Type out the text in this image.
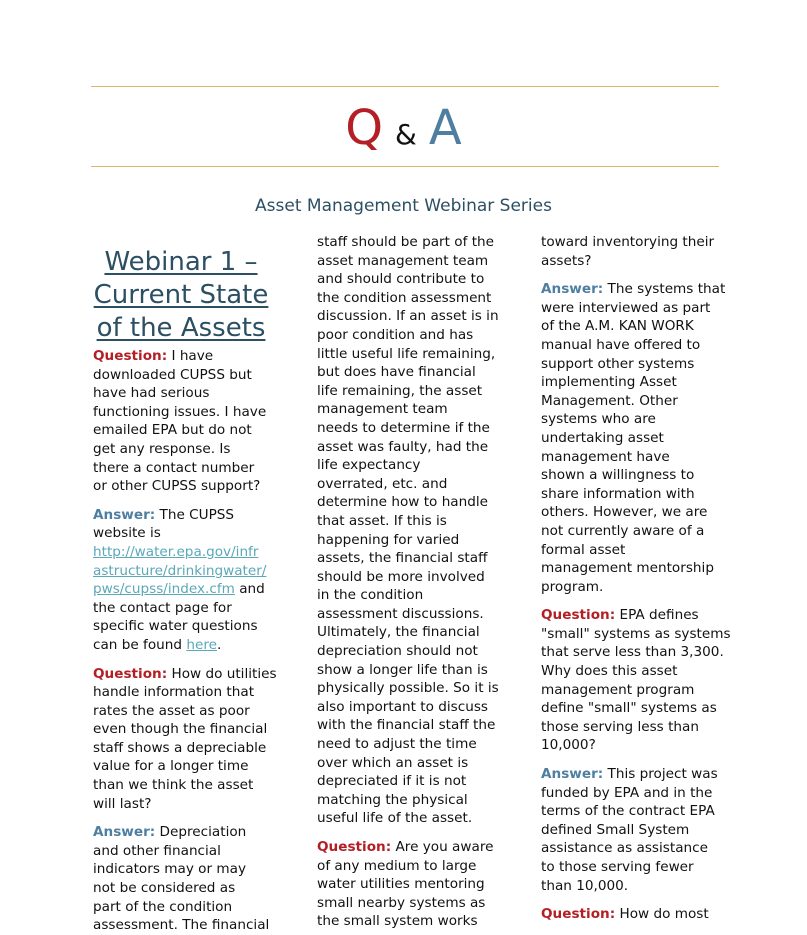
Q & A
Asset Management Webinar Series
Webinar 1 –
Current State
of the Assets
Question: I have
downloaded CUPSS but
have had serious
functioning issues. I have
emailed EPA but do not
get any response. Is
there a contact number
or other CUPSS support?
Answer: The CUPSS
website is
http://water.epa.gov/infr
astructure/drinkingwater/
pws/cupss/index.cfm and
the contact page for
specific water questions
can be found here.
Question: How do utilities
handle information that
rates the asset as poor
even though the financial
staff shows a depreciable
value for a longer time
than we think the asset
will last?
Answer: Depreciation
and other financial
indicators may or may
not be considered as
part of the condition
assessment. The financial
staff should be part of the
asset management team
and should contribute to
the condition assessment
discussion. If an asset is in
poor condition and has
little useful life remaining,
but does have financial
life remaining, the asset
management team
needs to determine if the
asset was faulty, had the
life expectancy
overrated, etc. and
determine how to handle
that asset. If this is
happening for varied
assets, the financial staff
should be more involved
in the condition
assessment discussions.
Ultimately, the financial
depreciation should not
show a longer life than is
physically possible. So it is
also important to discuss
with the financial staff the
need to adjust the time
over which an asset is
depreciated if it is not
matching the physical
useful life of the asset.
Question: Are you aware
of any medium to large
water utilities mentoring
small nearby systems as
the small system works
toward inventorying their
assets?
Answer: The systems that
were interviewed as part
of the A.M. KAN WORK
manual have offered to
support other systems
implementing Asset
Management. Other
systems who are
undertaking asset
management have
shown a willingness to
share information with
others. However, we are
not currently aware of a
formal asset
management mentorship
program.
Question: EPA defines
"small" systems as systems
that serve less than 3,300.
Why does this asset
management program
define "small" systems as
those serving less than
10,000?
Answer: This project was
funded by EPA and in the
terms of the contract EPA
defined Small System
assistance as assistance
to those serving fewer
than 10,000.
Question: How do most
